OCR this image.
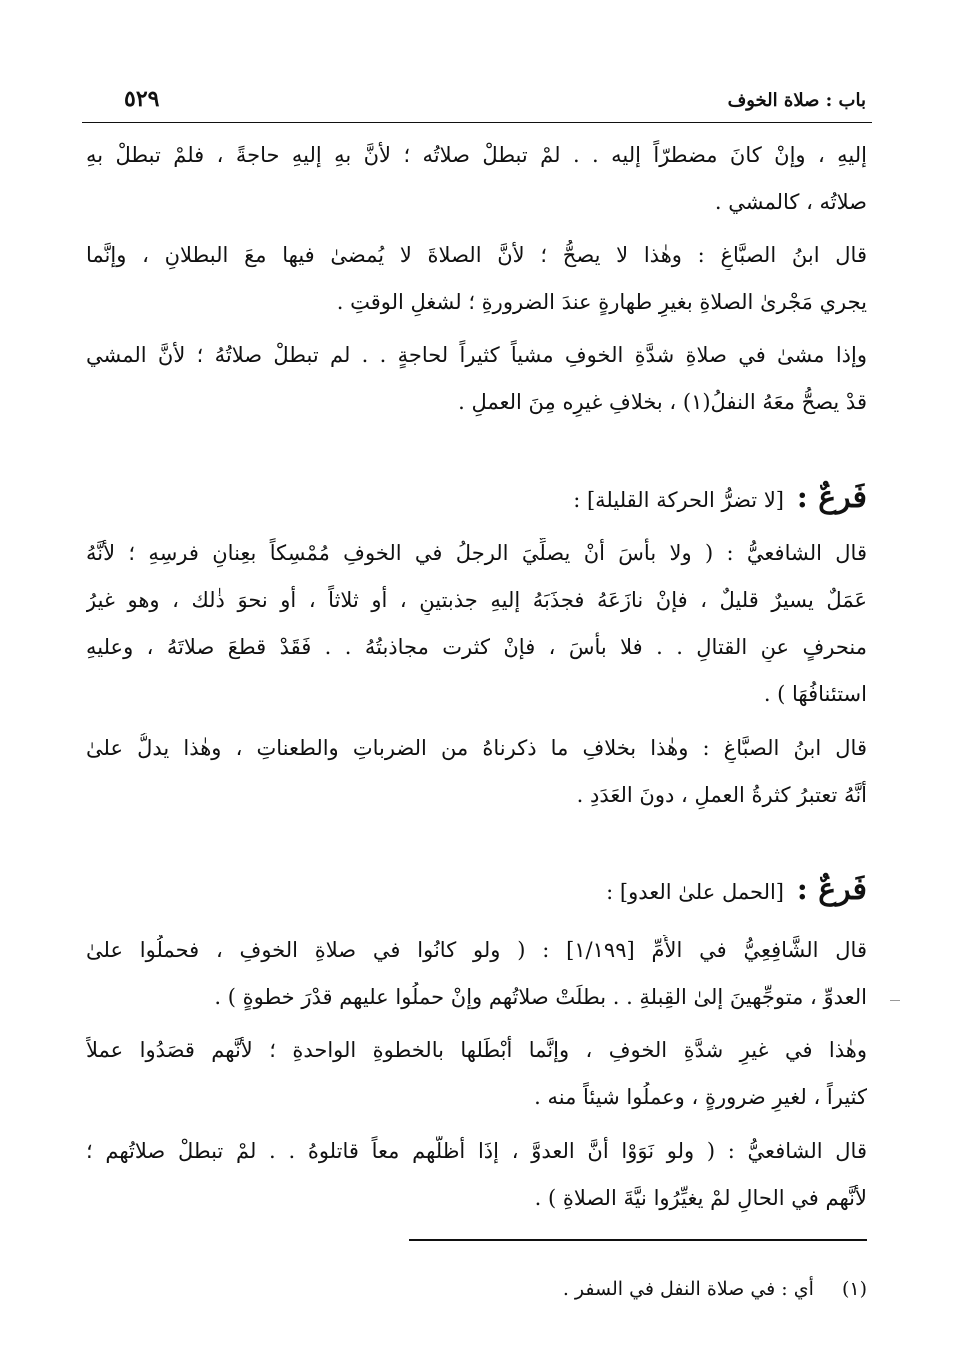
باب : صلاة الخوف
٥٢٩
إليهِ ، وإنْ كانَ مضطرّاً إليه . . لمْ تبطلْ صلاتُه ؛ لأنَّ بهِ إليهِ حاجةً ، فلمْ تبطلْ بهِ
صلاتُه ، كالمشي .
قال ابنُ الصبَّاغِ : وهٰذا لا يصحُّ ؛ لأنَّ الصلاةَ لا يُمضىٰ فيها معَ البطلانِ ، وإنَّما
يجري مَجْرىٰ الصلاةِ بغيرِ طهارةٍ عندَ الضرورةِ ؛ لشغلِ الوقتِ .
وإذا مشىٰ في صلاةِ شدَّةِ الخوفِ مشياً كثيراً لحاجةٍ . . لم تبطلْ صلاتُهُ ؛ لأنَّ المشي
قدْ يصحُّ معَهُ النفلُ(١) ، بخلافِ غيرِه مِنَ العملِ .
فَرعٌ : [لا تضرُّ الحركة القليلة] :
قال الشافعيُّ : ( ولا بأسَ أنْ يصلِّيَ الرجلُ في الخوفِ مُمْسِكاً بعِنانِ فرسِهِ ؛ لأنَّهُ
عَمَلٌ يسيرٌ قليلٌ ، فإنْ نازَعَهُ فجذَبَهُ إليهِ جذبتينِ ، أو ثلاثاً ، أو نحوَ ذٰلك ، وهو غيرُ
منحرفٍ عنِ القتالِ . . فلا بأسَ ، فإنْ كثرت مجاذبتُهُ . . فَقَدْ قطعَ صلاتَهُ ، وعليهِ
استئنافُهَا ) .
قال ابنُ الصبَّاغِ : وهٰذا بخلافِ ما ذكرناهُ من الضرباتِ والطعناتِ ، وهٰذا يدلُّ علىٰ
أنَّهُ تعتبرُ كثرةُ العملِ ، دونَ العَدَدِ .
فَرعٌ : [الحمل علىٰ العدو] :
قال الشَّافِعِيُّ في الأُمِّ [١/١٩٩] : ( ولو كانُوا في صلاةِ الخوفِ ، فحملُوا علىٰ
العدوِّ ، متوجِّهينَ إلىٰ القِبلةِ . . بطلَتْ صلاتُهم وإنْ حملُوا عليهم قدْرَ خطوةٍ ) .
وهٰذا في غيرِ شدَّةِ الخوفِ ، وإنَّما أبْطَلها بالخطوةِ الواحدةِ ؛ لأنَّهم قصَدُوا عملاً
كثيراً ، لغيرِ ضرورةٍ ، وعملُوا شيئاً منه .
قال الشافعيُّ : ( ولو نَوَوْا أنَّ العدوَّ ، إذَا أظلَّهم معاً قاتلوهُ . . لمْ تبطلْ صلاتُهم ؛
لأنَّهم في الحالِ لمْ يغيِّرُوا نيَّةَ الصلاةِ ) .
(١) أي : في صلاة النفل في السفر .
